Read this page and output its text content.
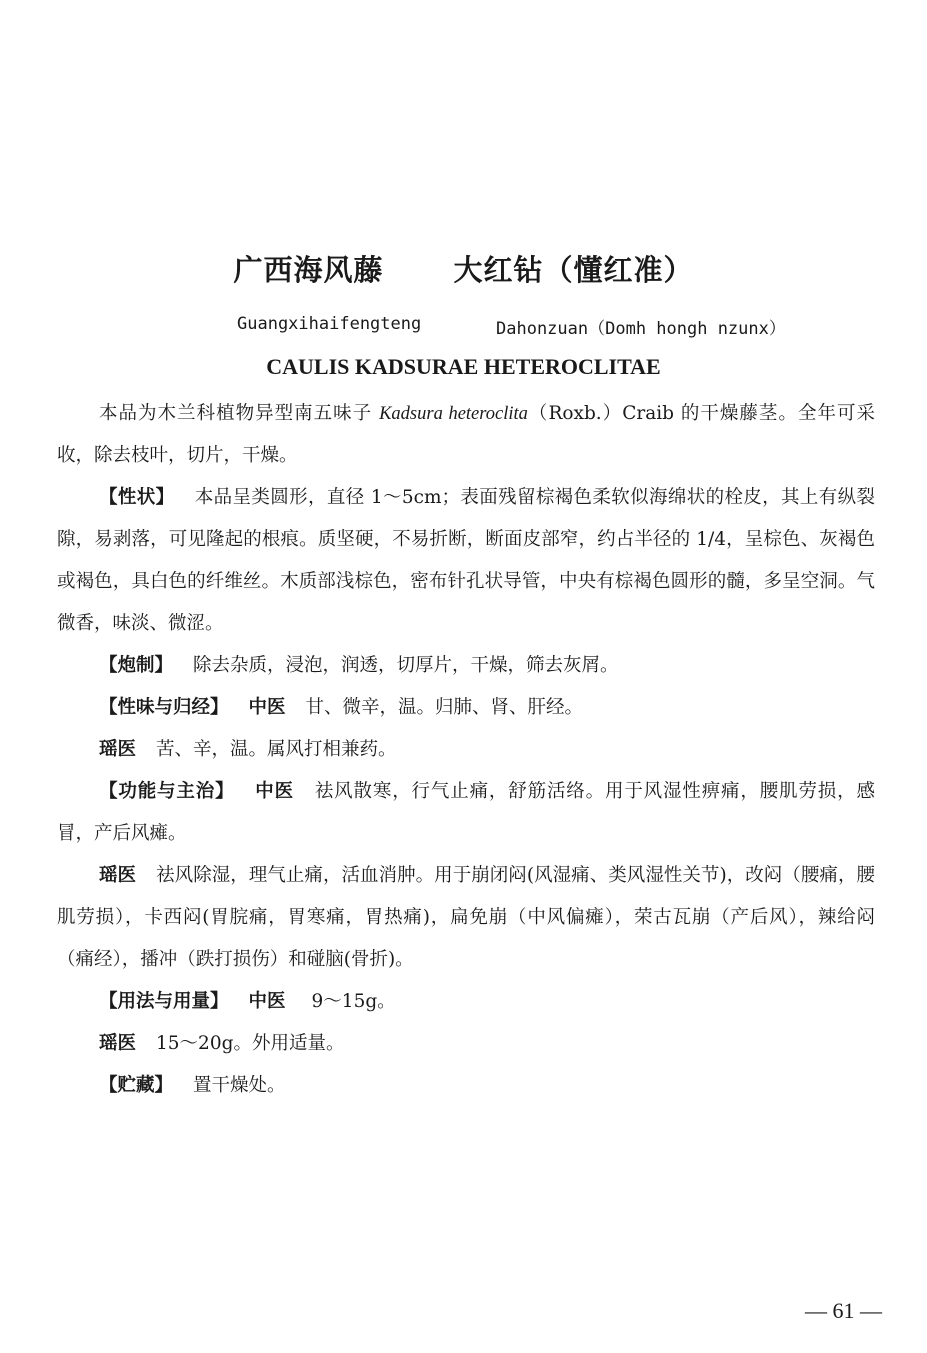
广西海风藤 大红钻（懂红准）
Guangxihaifengteng	Dahonzuan（Domh hongh nzunx）
CAULIS KADSURAE HETEROCLITAE

本品为木兰科植物异型南五味子 Kadsura heteroclita（Roxb.）Craib 的干燥藤茎。全年可采收，除去枝叶，切片，干燥。

【性状】 本品呈类圆形，直径 1～5cm；表面残留棕褐色柔软似海绵状的栓皮，其上有纵裂隙，易剥落，可见隆起的根痕。质坚硬，不易折断，断面皮部窄，约占半径的 1/4，呈棕色、灰褐色或褐色，具白色的纤维丝。木质部浅棕色，密布针孔状导管，中央有棕褐色圆形的髓，多呈空洞。气微香，味淡、微涩。

【炮制】 除去杂质，浸泡，润透，切厚片，干燥，筛去灰屑。

【性味与归经】 中医 甘、微辛，温。归肺、肾、肝经。

瑶医 苦、辛，温。属风打相兼药。

【功能与主治】 中医 祛风散寒，行气止痛，舒筋活络。用于风湿性痹痛，腰肌劳损，感冒，产后风瘫。

瑶医 祛风除湿，理气止痛，活血消肿。用于崩闭闷(风湿痛、类风湿性关节)，改闷（腰痛，腰肌劳损），卡西闷(胃脘痛，胃寒痛，胃热痛)，扁免崩（中风偏瘫），荣古瓦崩（产后风），辣给闷（痛经），播冲（跌打损伤）和碰脑(骨折)。

【用法与用量】 中医 9～15g。

瑶医 15～20g。外用适量。

【贮藏】 置干燥处。

— 61 —
